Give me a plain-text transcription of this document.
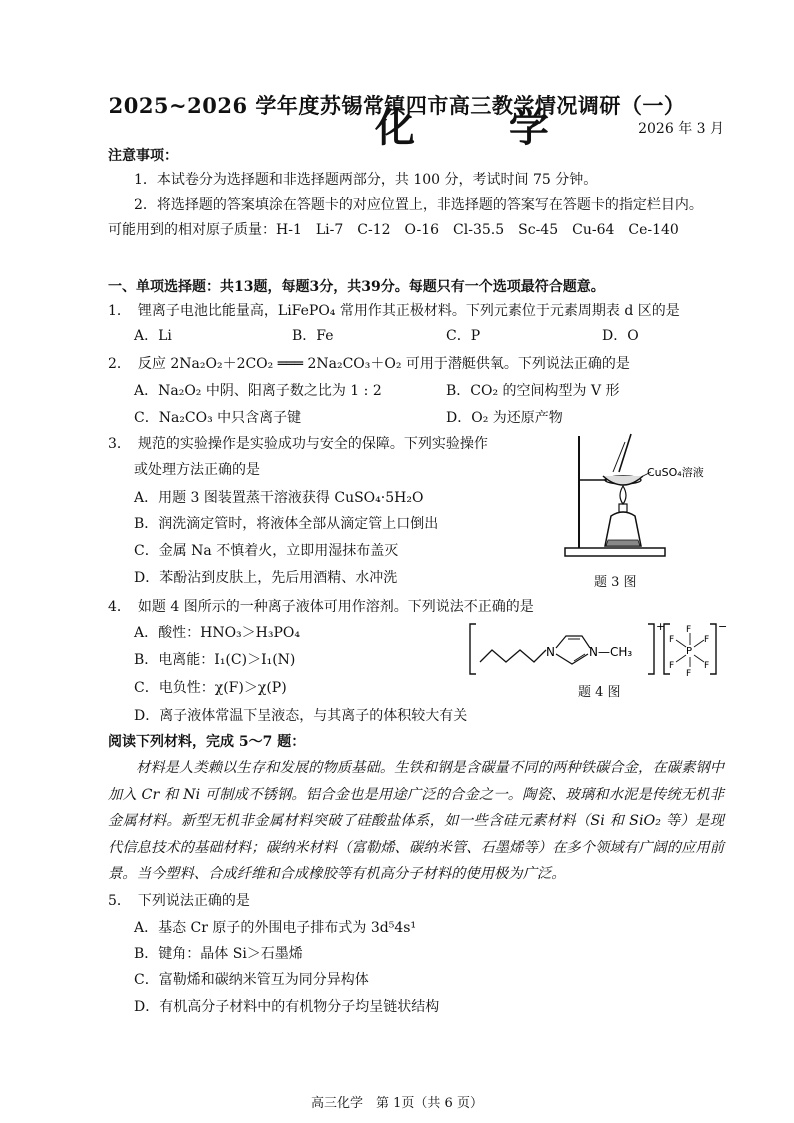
2025~2026 学年度苏锡常镇四市高三教学情况调研（一）
化 学	2026 年 3 月
注意事项：
1．本试卷分为选择题和非选择题两部分，共 100 分，考试时间 75 分钟。
2．将选择题的答案填涂在答题卡的对应位置上，非选择题的答案写在答题卡的指定栏目内。
可能用到的相对原子质量：H-1　Li-7　C-12　O-16　Cl-35.5　Sc-45　Cu-64　Ce-140
一、单项选择题：共13题，每题3分，共39分。每题只有一个选项最符合题意。
1．　锂离子电池比能量高，LiFePO₄ 常用作其正极材料。下列元素位于元素周期表 d 区的是
A．Li	B．Fe	C．P	D．O
2．　反应 2Na₂O₂＋2CO₂ ═══ 2Na₂CO₃＋O₂ 可用于潜艇供氧。下列说法正确的是
A．Na₂O₂ 中阴、阳离子数之比为 1 : 2	B．CO₂ 的空间构型为 V 形
C．Na₂CO₃ 中只含离子键	D．O₂ 为还原产物
3．　规范的实验操作是实验成功与安全的保障。下列实验操作
或处理方法正确的是
A．用题 3 图装置蒸干溶液获得 CuSO₄·5H₂O
B．润洗滴定管时，将液体全部从滴定管上口倒出
C．金属 Na 不慎着火，立即用湿抹布盖灭
D．苯酚沾到皮肤上，先后用酒精、水冲洗
CuSO₄溶液
题 3 图
4．　如题 4 图所示的一种离子液体可用作溶剂。下列说法不正确的是
A．酸性：HNO₃＞H₃PO₄
B．电离能：I₁(C)＞I₁(N)
C．电负性：χ(F)＞χ(P)
D．离子液体常温下呈液态，与其离子的体积较大有关
N	N—CH₃
+
P
F
F
F	F
F	F
−
题 4 图
阅读下列材料，完成 5～7 题：
材料是人类赖以生存和发展的物质基础。生铁和钢是含碳量不同的两种铁碳合金，在碳素钢中加入 Cr 和 Ni 可制成不锈钢。铝合金也是用途广泛的合金之一。陶瓷、玻璃和水泥是传统无机非金属材料。新型无机非金属材料突破了硅酸盐体系，如一些含硅元素材料（Si 和 SiO₂ 等）是现代信息技术的基础材料；碳纳米材料（富勒烯、碳纳米管、石墨烯等）在多个领域有广阔的应用前景。当今塑料、合成纤维和合成橡胶等有机高分子材料的使用极为广泛。
5．　下列说法正确的是
A．基态 Cr 原子的外围电子排布式为 3d⁵4s¹
B．键角：晶体 Si＞石墨烯
C．富勒烯和碳纳米管互为同分异构体
D．有机高分子材料中的有机物分子均呈链状结构
高三化学　第 1页（共 6 页）
